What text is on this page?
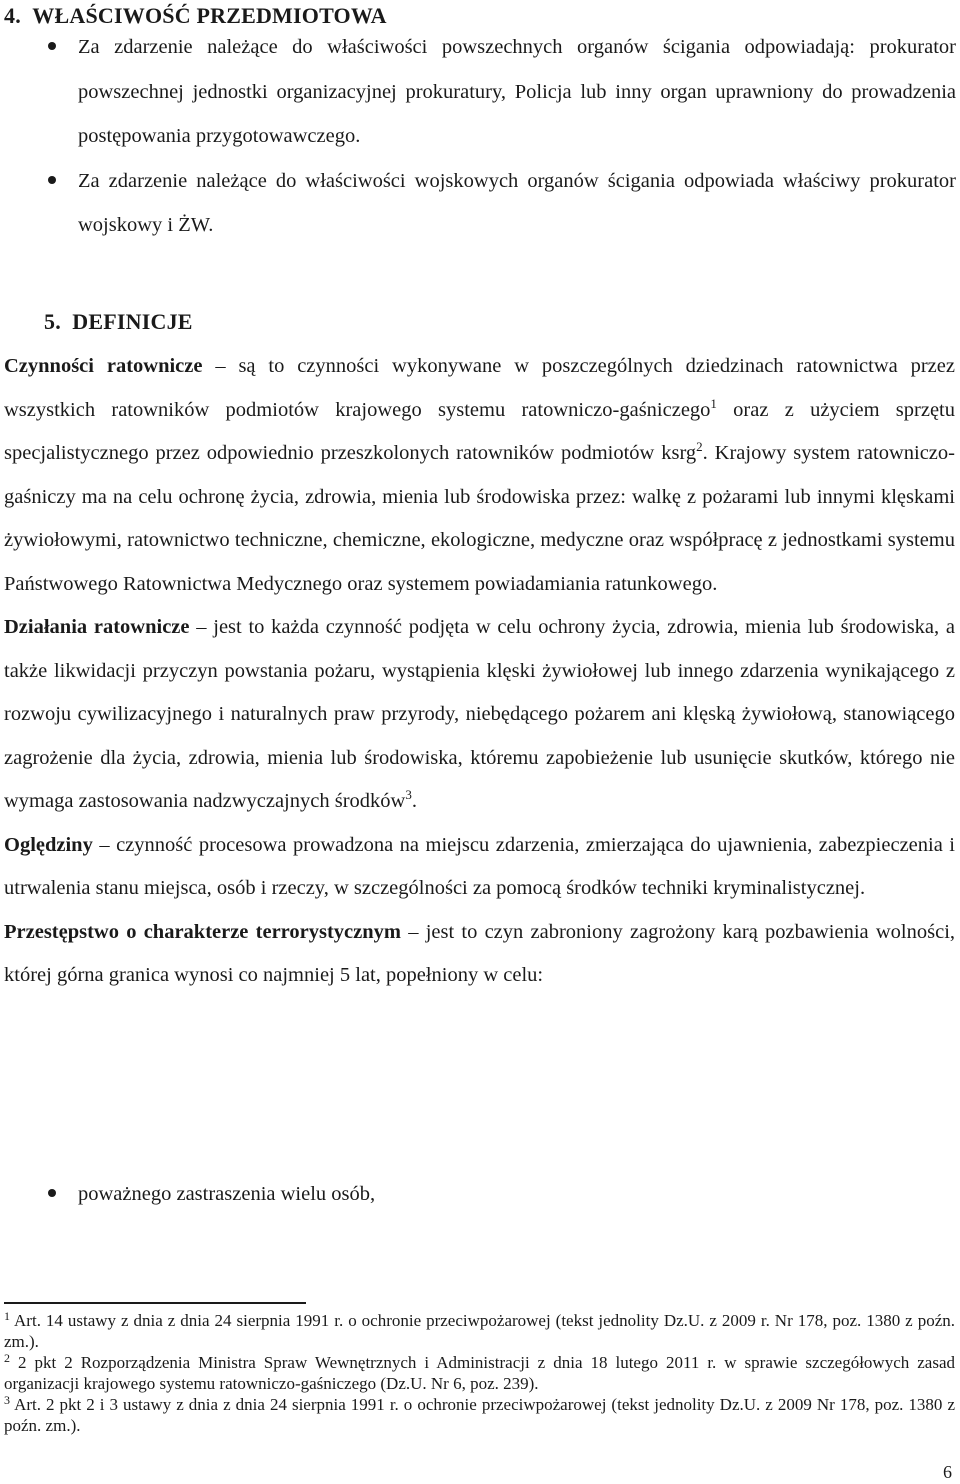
4.  WŁAŚCIWOŚĆ PRZEDMIOTOWA
Za zdarzenie należące do właściwości powszechnych organów ścigania odpowiadają: prokurator powszechnej jednostki organizacyjnej prokuratury, Policja lub inny organ uprawniony do prowadzenia postępowania przygotowawczego.
Za zdarzenie należące do właściwości wojskowych organów ścigania odpowiada właściwy prokurator wojskowy i ŻW.
5.  DEFINICJE

Czynności ratownicze – są to czynności wykonywane w poszczególnych dziedzinach ratownictwa przez wszystkich ratowników podmiotów krajowego systemu ratowniczo-gaśniczego$^1$ oraz z użyciem sprzętu specjalistycznego przez odpowiednio przeszkolonych ratowników podmiotów ksrg$^2$. Krajowy system ratowniczo-gaśniczy ma na celu ochronę życia, zdrowia, mienia lub środowiska przez: walkę z pożarami lub innymi klęskami żywiołowymi, ratownictwo techniczne, chemiczne, ekologiczne, medyczne oraz współpracę z jednostkami systemu Państwowego Ratownictwa Medycznego oraz systemem powiadamiania ratunkowego.

Działania ratownicze – jest to każda czynność podjęta w celu ochrony życia, zdrowia, mienia lub środowiska, a także likwidacji przyczyn powstania pożaru, wystąpienia klęski żywiołowej lub innego zdarzenia wynikającego z rozwoju cywilizacyjnego i naturalnych praw przyrody, niebędącego pożarem ani klęską żywiołową, stanowiącego zagrożenie dla życia, zdrowia, mienia lub środowiska, któremu zapobieżenie lub usunięcie skutków, którego nie wymaga zastosowania nadzwyczajnych środków$^3$.

Oględziny – czynność procesowa prowadzona na miejscu zdarzenia, zmierzająca do ujawnienia, zabezpieczenia i utrwalenia stanu miejsca, osób i rzeczy, w szczególności za pomocą środków techniki kryminalistycznej.

Przestępstwo o charakterze terrorystycznym – jest to czyn zabroniony zagrożony karą pozbawienia wolności, której górna granica wynosi co najmniej 5 lat, popełniony w celu:

poważnego zastraszenia wielu osób,

$^1$ Art. 14 ustawy z dnia z dnia 24 sierpnia 1991 r. o ochronie przeciwpożarowej (tekst jednolity Dz.U. z 2009 r. Nr 178, poz. 1380 z poźn. zm.).

$^2$ 2 pkt 2 Rozporządzenia Ministra Spraw Wewnętrznych i Administracji z dnia 18 lutego 2011 r. w sprawie szczegółowych zasad organizacji krajowego systemu ratowniczo-gaśniczego (Dz.U. Nr 6, poz. 239).

$^3$ Art. 2 pkt 2 i 3 ustawy z dnia z dnia 24 sierpnia 1991 r. o ochronie przeciwpożarowej (tekst jednolity Dz.U. z 2009 Nr 178, poz. 1380 z poźn. zm.).

6
